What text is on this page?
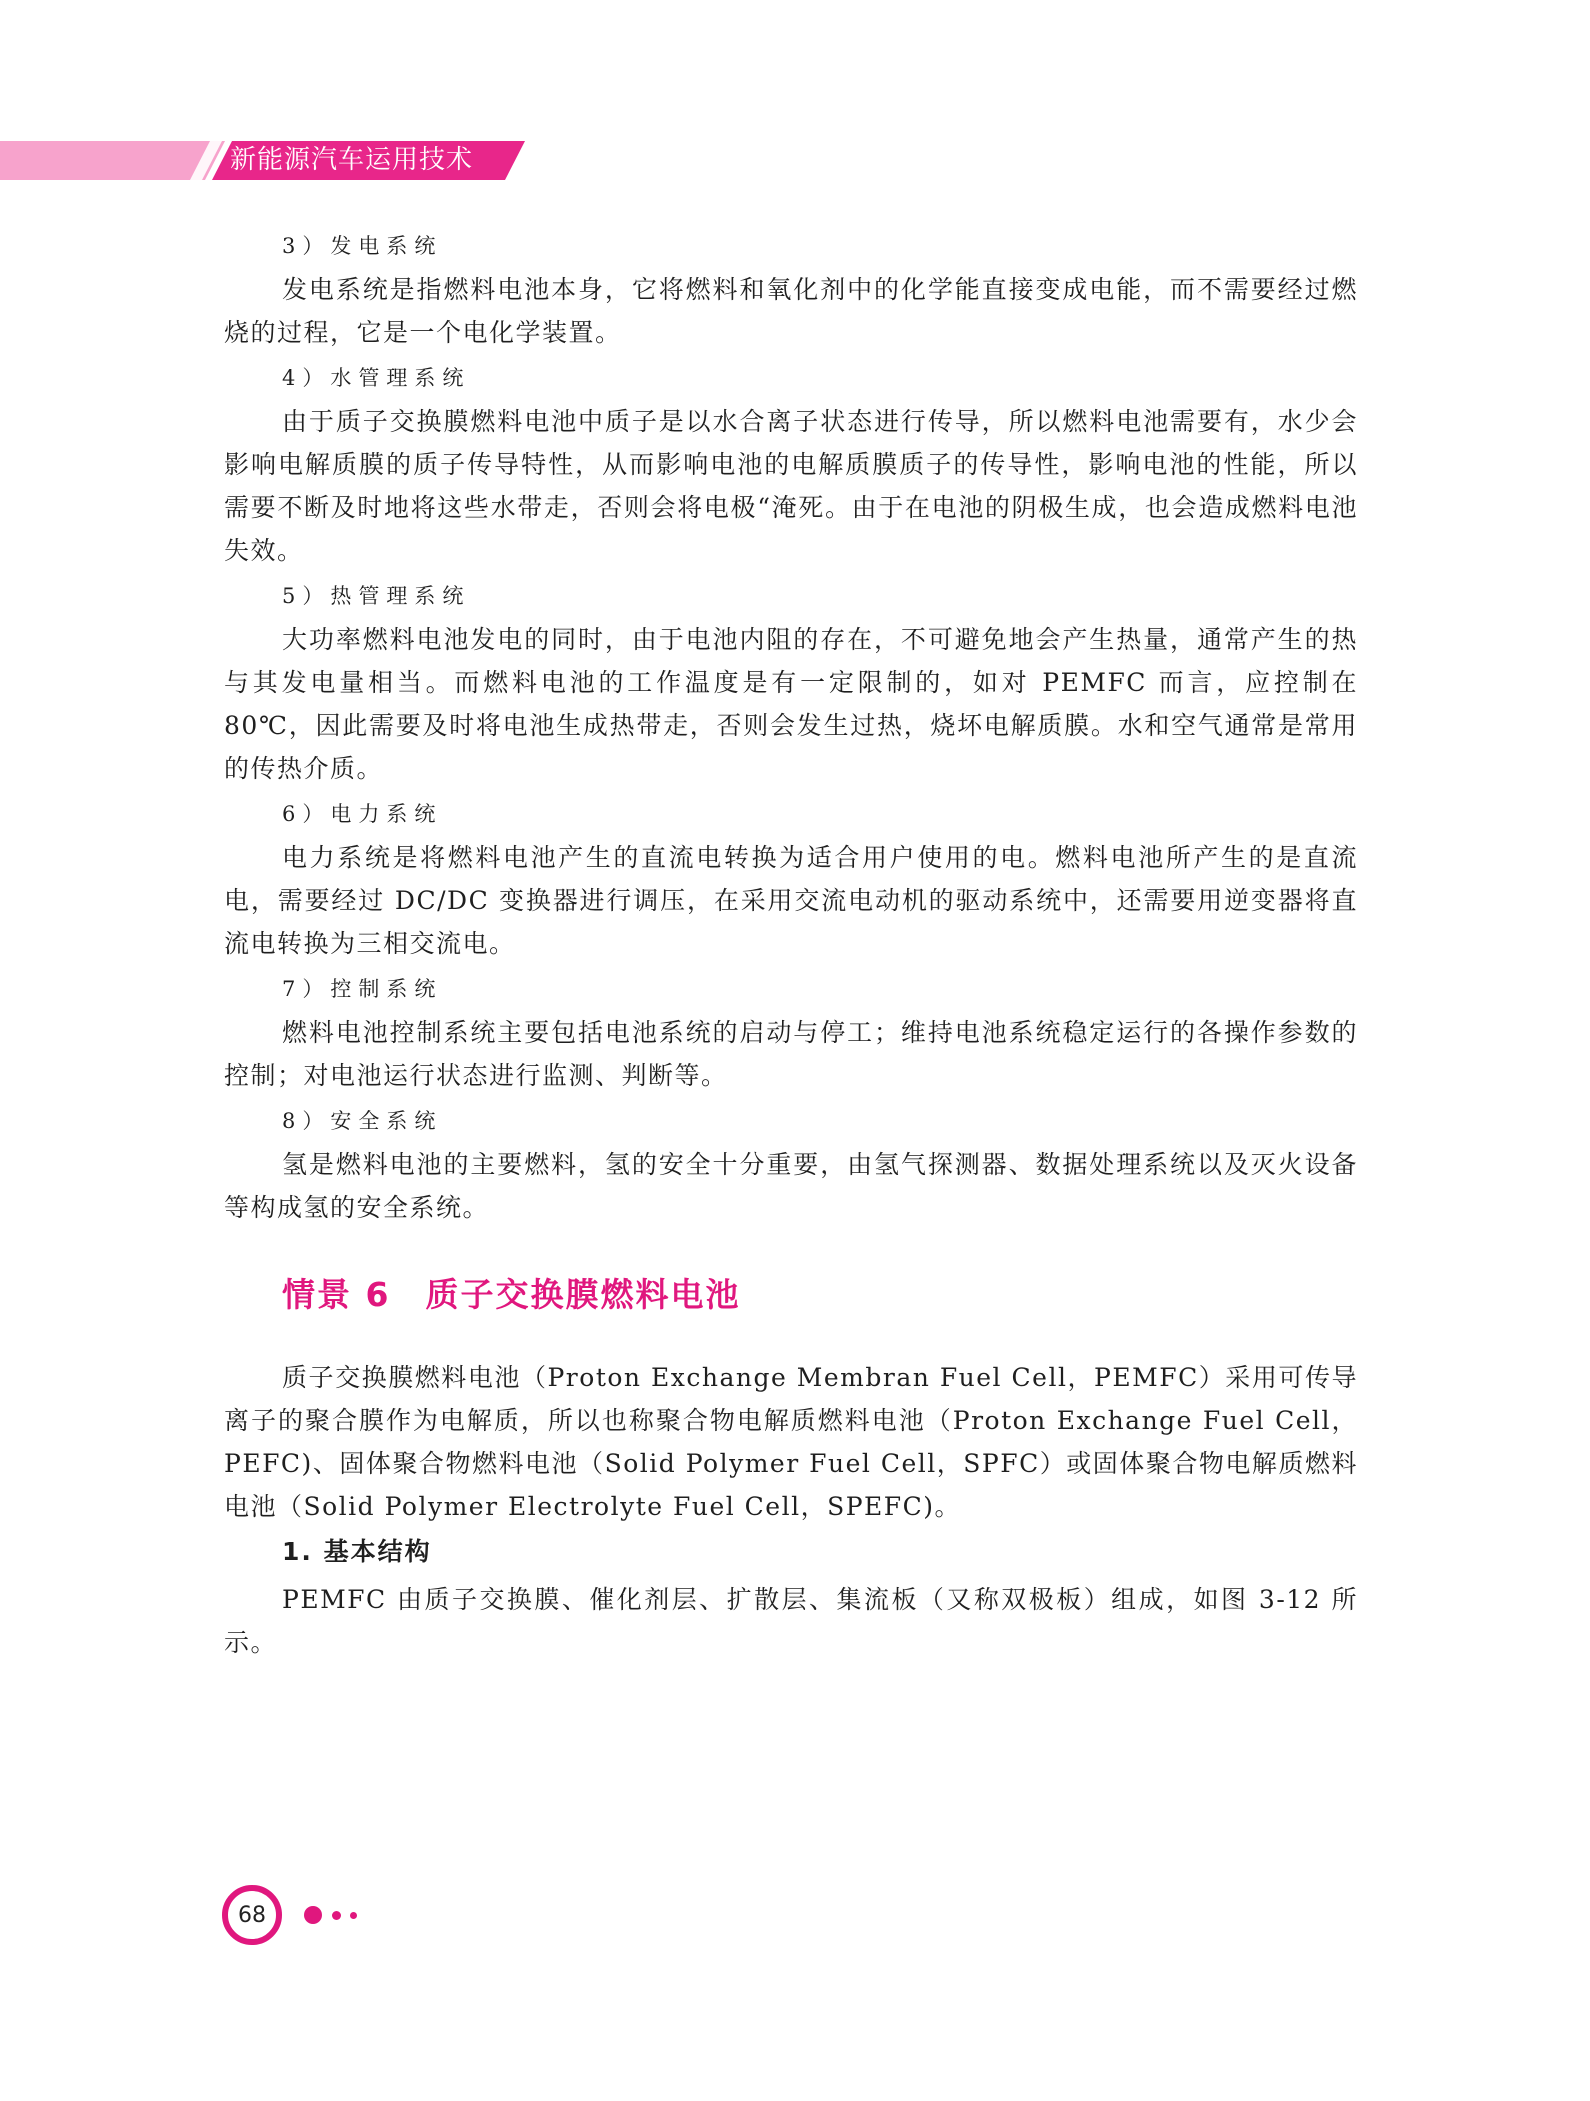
新能源汽车运用技术

3）发电系统

发电系统是指燃料电池本身，它将燃料和氧化剂中的化学能直接变成电能，而不需要经过燃烧的过程，它是一个电化学装置。

4）水管理系统

由于质子交换膜燃料电池中质子是以水合离子状态进行传导，所以燃料电池需要有，水少会影响电解质膜的质子传导特性，从而影响电池的电解质膜质子的传导性，影响电池的性能，所以需要不断及时地将这些水带走，否则会将电极“淹死。由于在电池的阴极生成，也会造成燃料电池失效。

5）热管理系统

大功率燃料电池发电的同时，由于电池内阻的存在，不可避免地会产生热量，通常产生的热与其发电量相当。而燃料电池的工作温度是有一定限制的，如对 PEMFC 而言，应控制在 80℃，因此需要及时将电池生成热带走，否则会发生过热，烧坏电解质膜。水和空气通常是常用的传热介质。

6）电力系统

电力系统是将燃料电池产生的直流电转换为适合用户使用的电。燃料电池所产生的是直流电，需要经过 DC/DC 变换器进行调压，在采用交流电动机的驱动系统中，还需要用逆变器将直流电转换为三相交流电。

7）控制系统

燃料电池控制系统主要包括电池系统的启动与停工；维持电池系统稳定运行的各操作参数的控制；对电池运行状态进行监测、判断等。

8）安全系统

氢是燃料电池的主要燃料，氢的安全十分重要，由氢气探测器、数据处理系统以及灭火设备等构成氢的安全系统。

情景 6　质子交换膜燃料电池

质子交换膜燃料电池（Proton Exchange Membran Fuel Cell，PEMFC）采用可传导离子的聚合膜作为电解质，所以也称聚合物电解质燃料电池（Proton Exchange Fuel Cell，PEFC)、固体聚合物燃料电池（Solid Polymer Fuel Cell，SPFC）或固体聚合物电解质燃料电池（Solid Polymer Electrolyte Fuel Cell，SPEFC)。

1. 基本结构

PEMFC 由质子交换膜、催化剂层、扩散层、集流板（又称双极板）组成，如图 3-12 所示。

68
